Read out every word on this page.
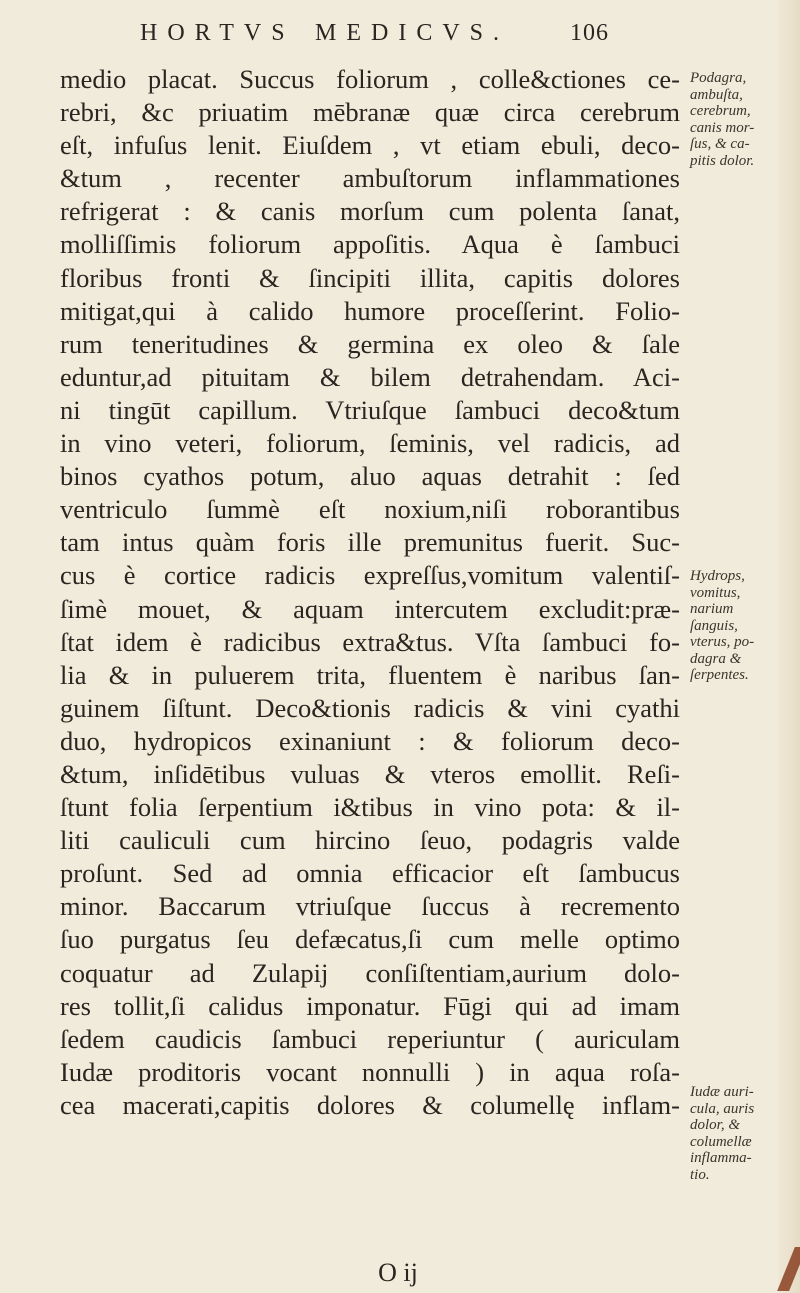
HORTVS MEDICVS.	106
medio placat. Succus foliorum , colle&ctiones ce-
rebri, &c priuatim mēbranæ quæ circa cerebrum
eſt, infuſus lenit. Eiuſdem , vt etiam ebuli, deco-
&tum , recenter ambuſtorum inflammationes
refrigerat : & canis morſum cum polenta ſanat,
molliſſimis foliorum appoſitis. Aqua è ſambuci
floribus fronti & ſincipiti illita, capitis dolores
mitigat,qui à calido humore proceſſerint. Folio-
rum teneritudines & germina ex oleo & ſale
eduntur,ad pituitam & bilem detrahendam. Aci-
ni tingūt capillum. Vtriuſque ſambuci deco&tum
in vino veteri, foliorum, ſeminis, vel radicis, ad
binos cyathos potum, aluo aquas detrahit : ſed
ventriculo ſummè eſt noxium,niſi roborantibus
tam intus quàm foris ille premunitus fuerit. Suc-
cus è cortice radicis expreſſus,vomitum valentiſ-
ſimè mouet, & aquam intercutem excludit:præ-
ſtat idem è radicibus extra&tus. Vſta ſambuci fo-
lia & in puluerem trita, fluentem è naribus ſan-
guinem ſiſtunt. Deco&tionis radicis & vini cyathi
duo, hydropicos exinaniunt : & foliorum deco-
&tum, inſidētibus vuluas & vteros emollit. Reſi-
ſtunt folia ſerpentium i&tibus in vino pota: & il-
liti cauliculi cum hircino ſeuo, podagris valde
proſunt. Sed ad omnia efficacior eſt ſambucus
minor. Baccarum vtriuſque ſuccus à recremento
ſuo purgatus ſeu defæcatus,ſi cum melle optimo
coquatur ad Zulapij conſiſtentiam,aurium dolo-
res tollit,ſi calidus imponatur. Fūgi qui ad imam
ſedem caudicis ſambuci reperiuntur ( auriculam
Iudæ proditoris vocant nonnulli ) in aqua roſa-
cea macerati,capitis dolores & columellę inflam-
O ij
Podagra,
ambuſta,
cerebrum,
canis mor-
ſus, & ca-
pitis dolor.
Hydrops,
vomitus,
narium
ſanguis,
vterus, po-
dagra &
ſerpentes.
Iudæ auri-
cula, auris
dolor, &
columellæ
inflamma-
tio.
